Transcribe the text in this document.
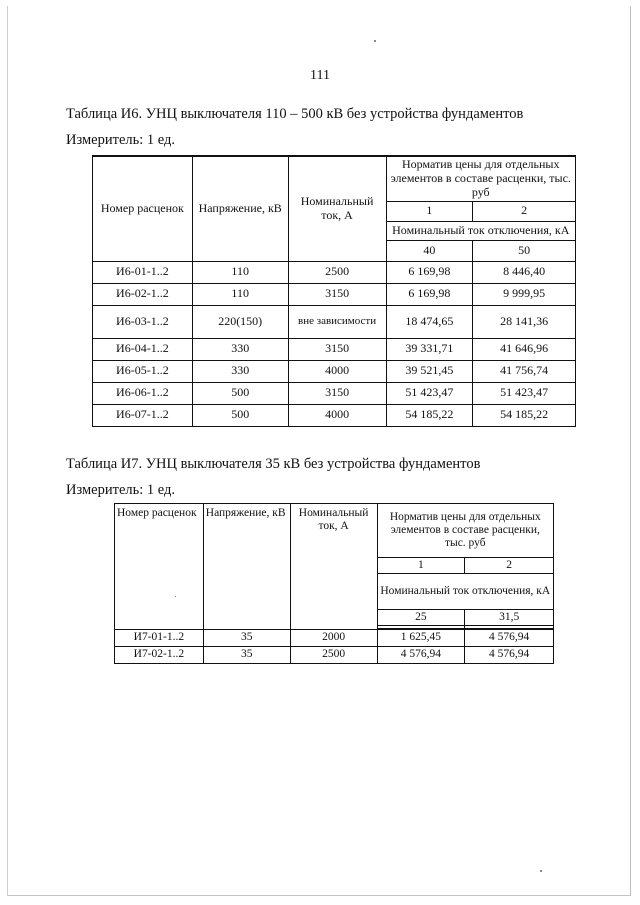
111
Таблица И6. УНЦ выключателя 110 – 500 кВ без устройства фундаментов
Измеритель: 1 ед.
Номер расценок	Напряжение, кВ	Номинальный ток, А	Норматив цены для отдельных элементов в составе расценки, тыс. руб	
			1	2
			Номинальный ток отключения, кА	
			40	50
И6-01-1..2	110	2500	6 169,98	8 446,40
И6-02-1..2	110	3150	6 169,98	9 999,95
И6-03-1..2	220(150)	вне зависимости	18 474,65	28 141,36
И6-04-1..2	330	3150	39 331,71	41 646,96
И6-05-1..2	330	4000	39 521,45	41 756,74
И6-06-1..2	500	3150	51 423,47	51 423,47
И6-07-1..2	500	4000	54 185,22	54 185,22
Таблица И7. УНЦ выключателя 35 кВ без устройства фундаментов
Измеритель: 1 ед.
Номер расценок	Напряжение, кВ	Номинальный ток, А	Норматив цены для отдельных элементов в составе расценки, тыс. руб	
			1	2
			Номинальный ток отключения, кА	
			25	31,5

И7-01-1..2	35	2000	1 625,45	4 576,94
И7-02-1..2	35	2500	4 576,94	4 576,94
